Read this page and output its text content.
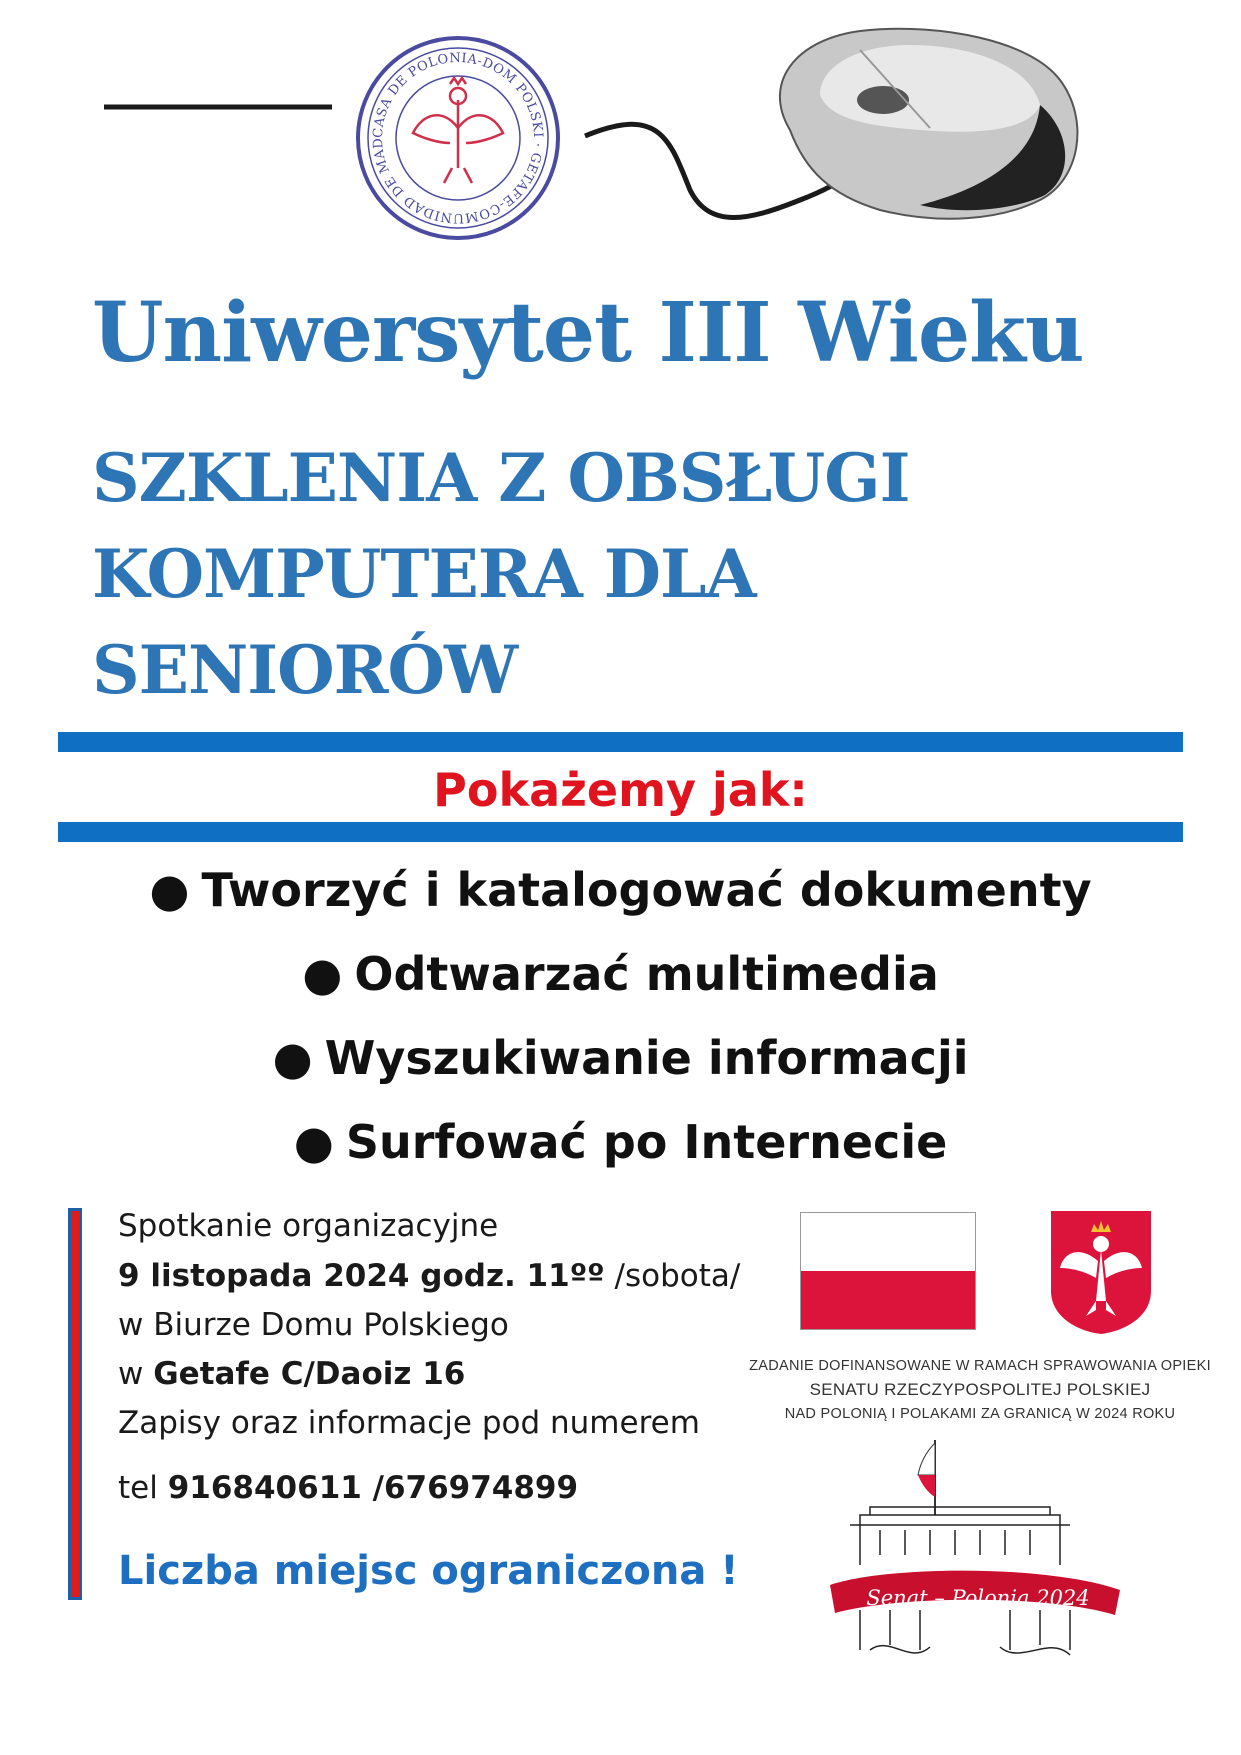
CASA DE POLONIA-DOM POLSKI · GETAFE-COMUNIDAD DE MADRID-ESPAÑA
Uniwersytet III Wieku
SZKLENIA Z OBSŁUGI
KOMPUTERA DLA
SENIORÓW

Pokażemy jak:

● Tworzyć i katalogować dokumenty

● Odtwarzać multimedia

● Wyszukiwanie informacji

● Surfować po Internecie

Spotkanie organizacyjne

9 listopada 2024 godz. 11ºº /sobota/

w Biurze Domu Polskiego

w Getafe C/Daoiz 16

Zapisy oraz informacje pod numerem

tel 916840611 /676974899

Liczba miejsc ograniczona !

ZADANIE DOFINANSOWANE W RAMACH SPRAWOWANIA OPIEKI
SENATU RZECZYPOSPOLITEJ POLSKIEJ
NAD POLONIĄ I POLAKAMI ZA GRANICĄ W 2024 ROKU

Senat – Polonia 2024
